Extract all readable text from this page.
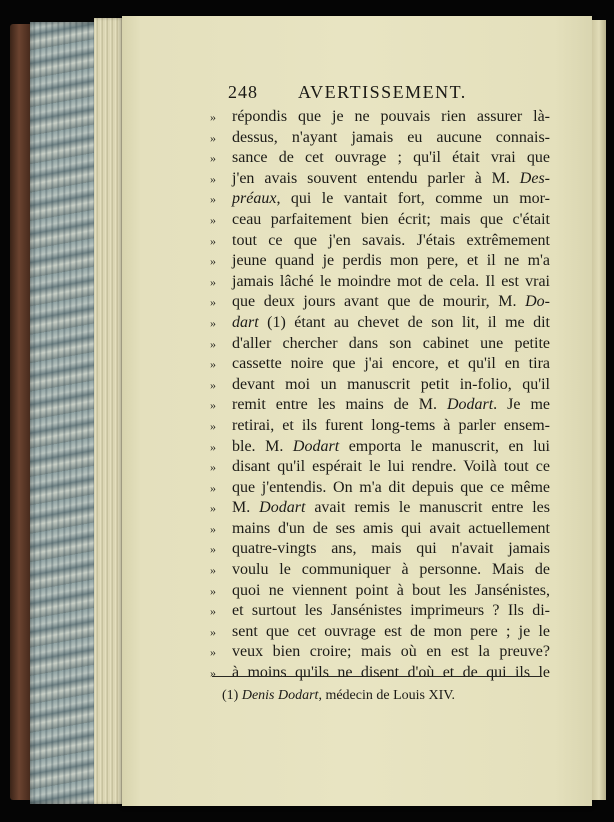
248 AVERTISSEMENT.
» répondis que je ne pouvais rien assurer là-
» dessus, n'ayant jamais eu aucune connais-
» sance de cet ouvrage ; qu'il était vrai que
» j'en avais souvent entendu parler à M. Des-
» préaux, qui le vantait fort, comme un mor-
» ceau parfaitement bien écrit; mais que c'était
» tout ce que j'en savais. J'étais extrêmement
» jeune quand je perdis mon pere, et il ne m'a
» jamais lâché le moindre mot de cela. Il est vrai
» que deux jours avant que de mourir, M. Do-
» dart (1) étant au chevet de son lit, il me dit
» d'aller chercher dans son cabinet une petite
» cassette noire que j'ai encore, et qu'il en tira
» devant moi un manuscrit petit in-folio, qu'il
» remit entre les mains de M. Dodart. Je me
» retirai, et ils furent long-tems à parler ensem-
» ble. M. Dodart emporta le manuscrit, en lui
» disant qu'il espérait le lui rendre. Voilà tout ce
» que j'entendis. On m'a dit depuis que ce même
» M. Dodart avait remis le manuscrit entre les
» mains d'un de ses amis qui avait actuellement
» quatre-vingts ans, mais qui n'avait jamais
» voulu le communiquer à personne. Mais de
» quoi ne viennent point à bout les Jansénistes,
» et surtout les Jansénistes imprimeurs ? Ils di-
» sent que cet ouvrage est de mon pere ; je le
» veux bien croire; mais où en est la preuve?
» à moins qu'ils ne disent d'où et de qui ils le
(1) Denis Dodart, médecin de Louis XIV.
